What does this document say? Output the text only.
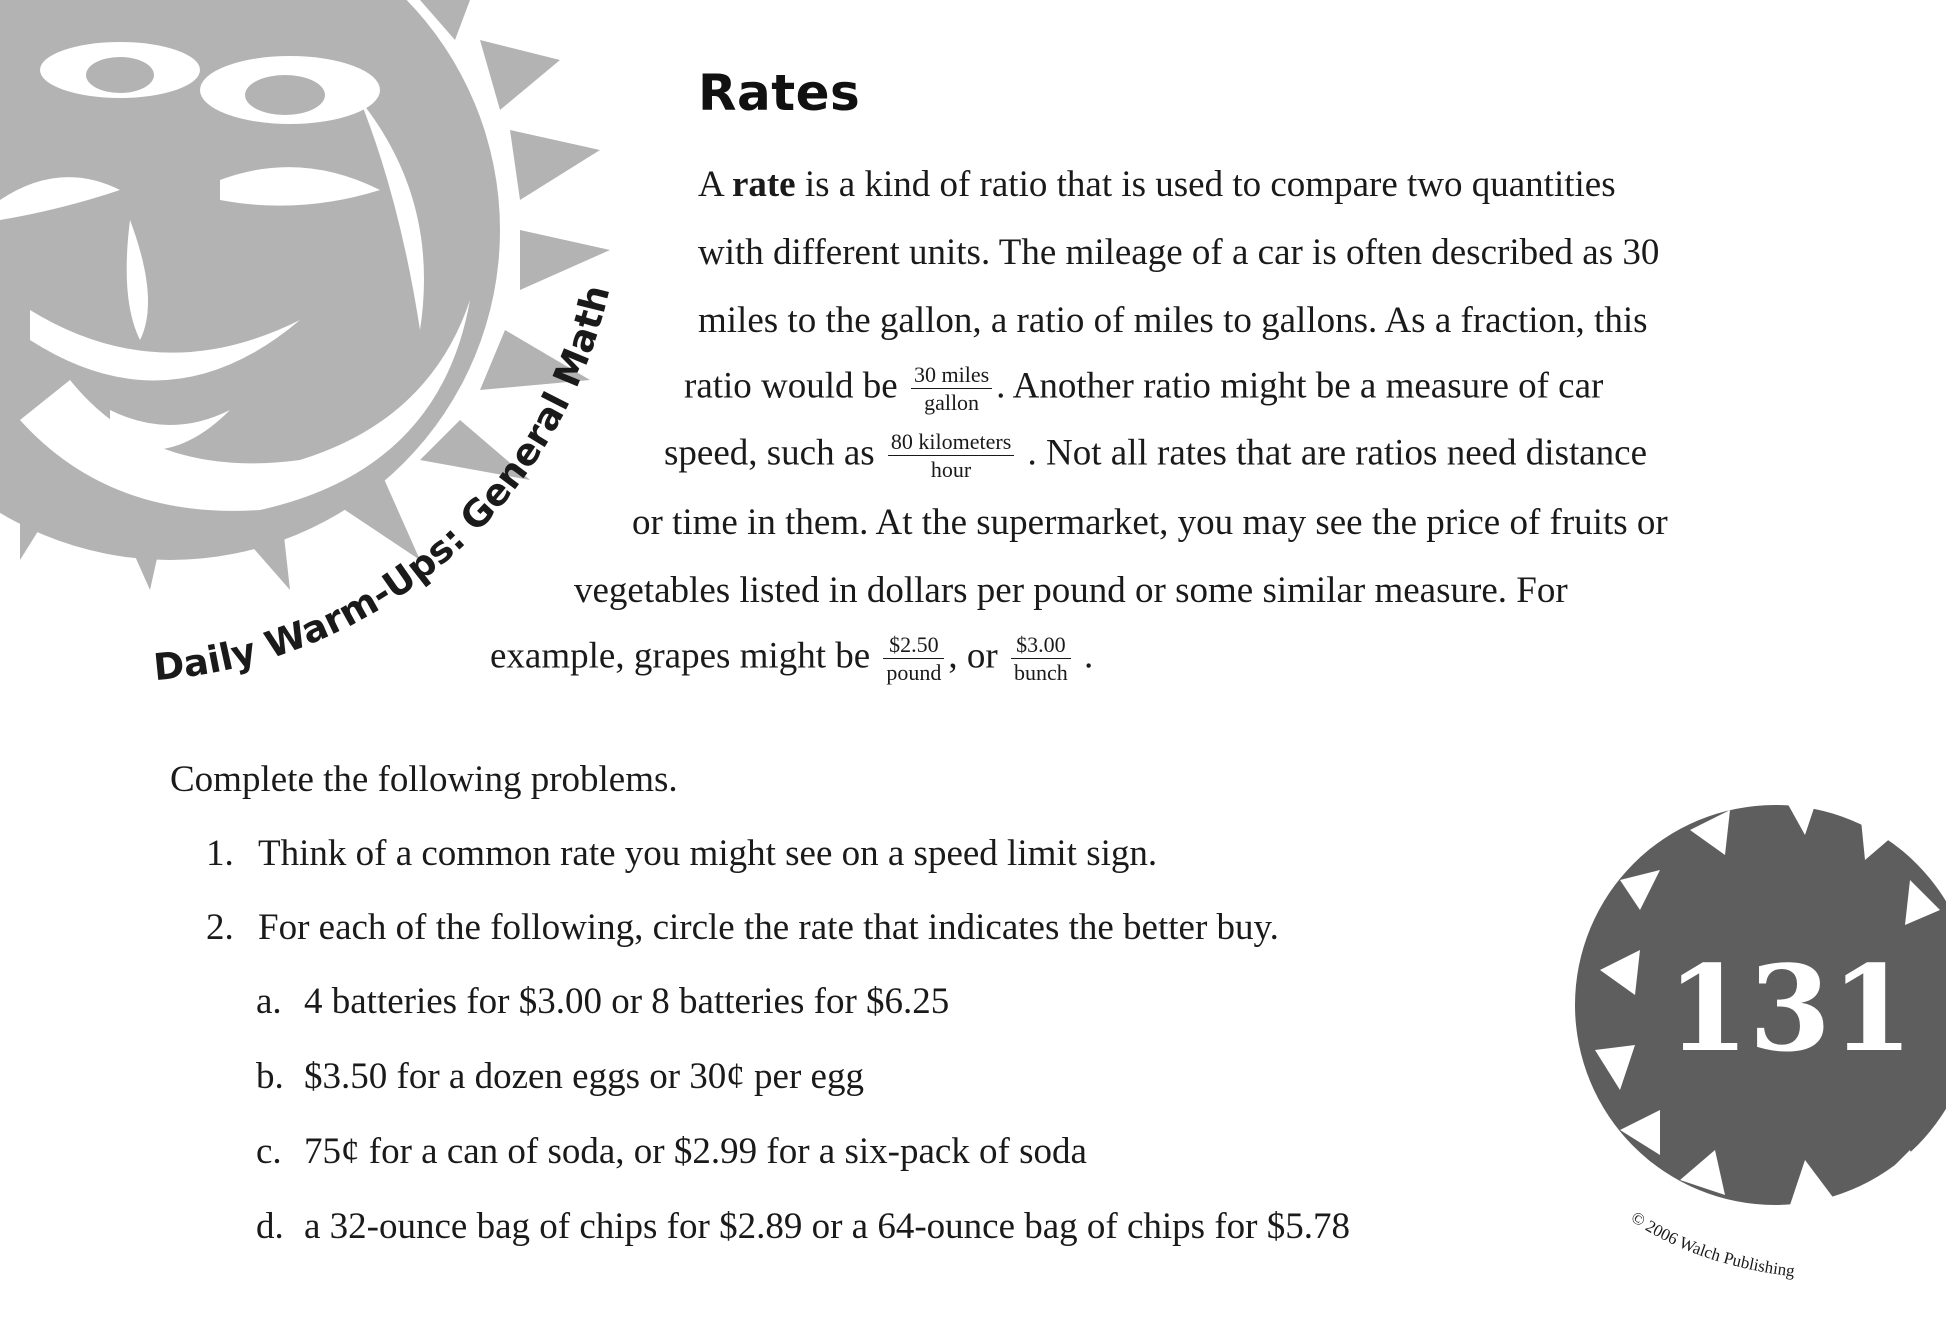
Daily Warm-Ups: General Math
Rates
A rate is a kind of ratio that is used to compare two quantities
with different units. The mileage of a car is often described as 30
miles to the gallon, a ratio of miles to gallons. As a fraction, this
ratio would be $\frac{\text{30 miles}}{\text{gallon}}$ . Another ratio might be a measure of car
speed, such as $\frac{\text{80 kilometers}}{\text{hour}}$ . Not all rates that are ratios need distance
or time in them. At the supermarket, you may see the price of fruits or
vegetables listed in dollars per pound or some similar measure. For
example, grapes might be $\frac{\$2.50}{\text{pound}}$ , or $\frac{\$3.00}{\text{bunch}}$ .
Complete the following problems.
1. Think of a common rate you might see on a speed limit sign.
2. For each of the following, circle the rate that indicates the better buy.
a. 4 batteries for $3.00 or 8 batteries for $6.25
b. $3.50 for a dozen eggs or 30¢ per egg
c. 75¢ for a can of soda, or $2.99 for a six-pack of soda
d. a 32-ounce bag of chips for $2.89 or a 64-ounce bag of chips for $5.78
131
© 2006 Walch Publishing
